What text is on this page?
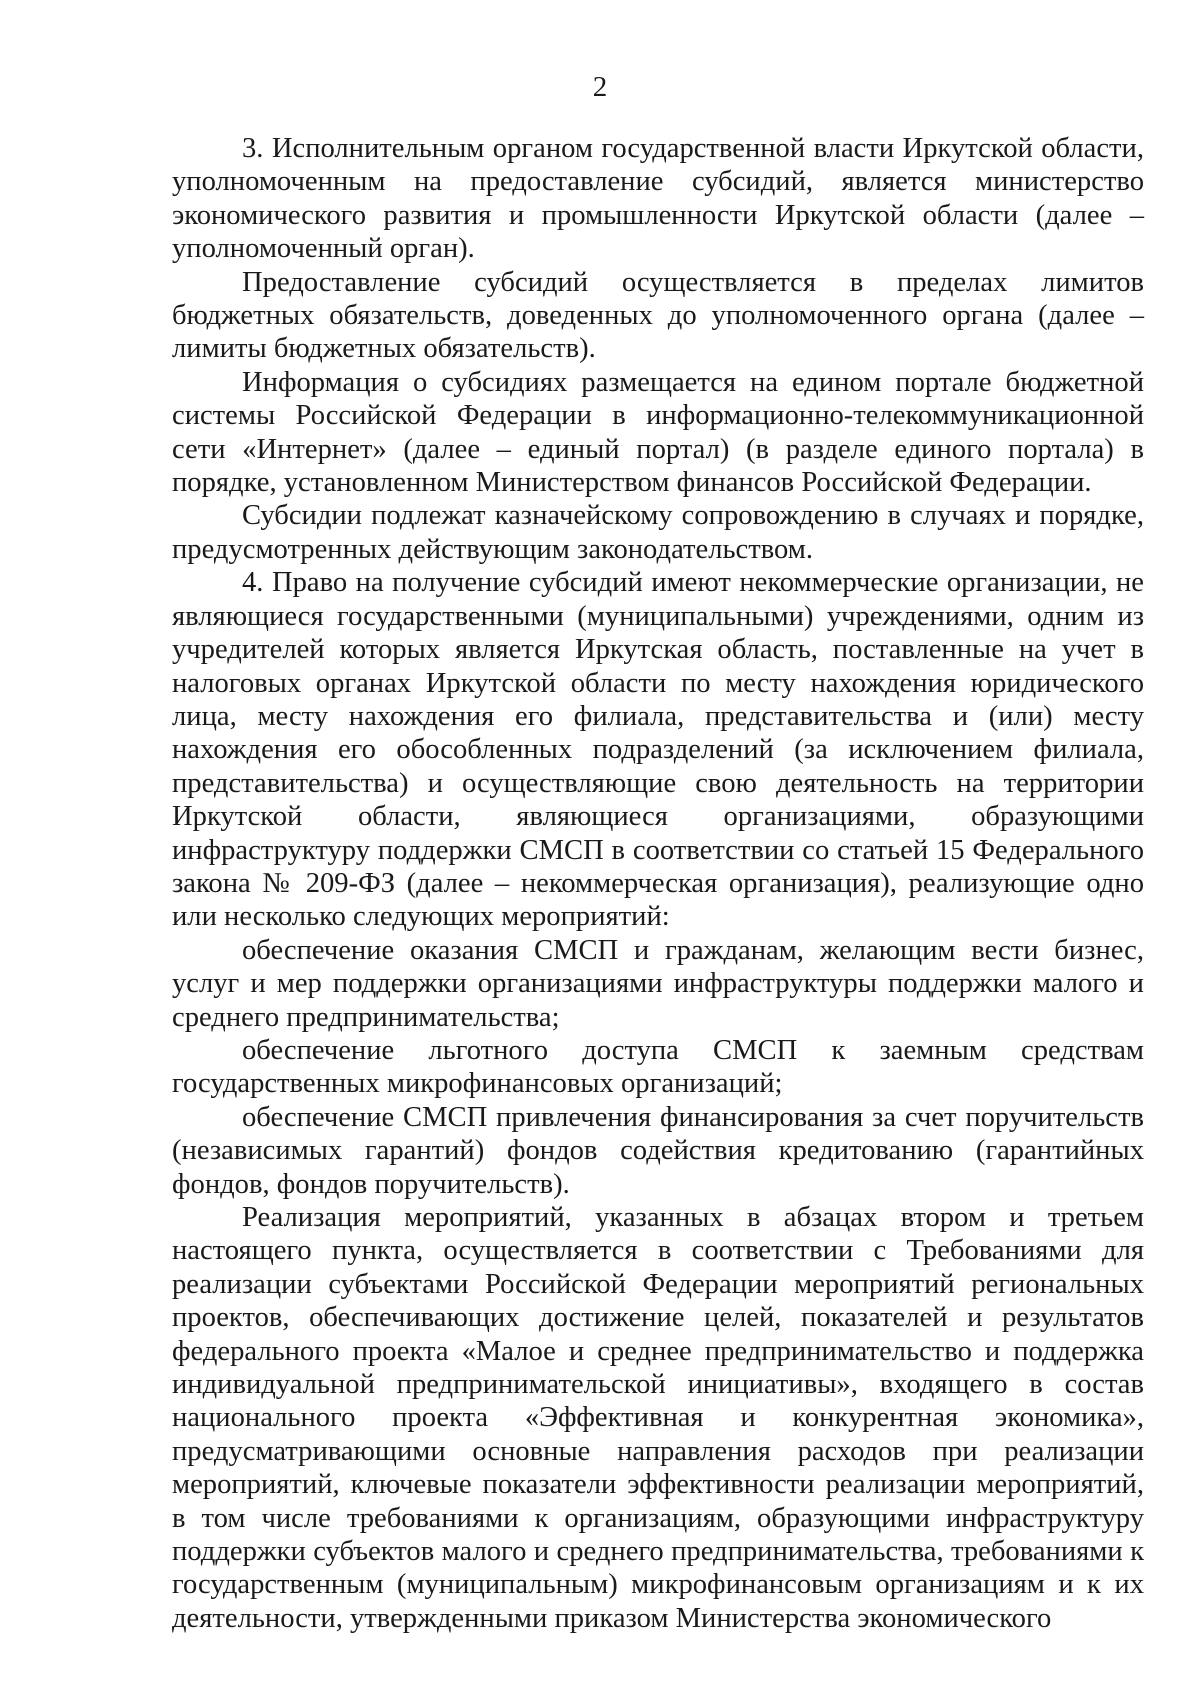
2

3. Исполнительным органом государственной власти Иркутской области, уполномоченным на предоставление субсидий, является министерство экономического развития и промышленности Иркутской области (далее – уполномоченный орган).

Предоставление субсидий осуществляется в пределах лимитов бюджетных обязательств, доведенных до уполномоченного органа (далее – лимиты бюджетных обязательств).

Информация о субсидиях размещается на едином портале бюджетной системы Российской Федерации в информационно-телекоммуникационной сети «Интернет» (далее – единый портал) (в разделе единого портала) в порядке, установленном Министерством финансов Российской Федерации.

Субсидии подлежат казначейскому сопровождению в случаях и порядке, предусмотренных действующим законодательством.

4. Право на получение субсидий имеют некоммерческие организации, не являющиеся государственными (муниципальными) учреждениями, одним из учредителей которых является Иркутская область, поставленные на учет в налоговых органах Иркутской области по месту нахождения юридического лица, месту нахождения его филиала, представительства и (или) месту нахождения его обособленных подразделений (за исключением филиала, представительства) и осуществляющие свою деятельность на территории Иркутской области, являющиеся организациями, образующими инфраструктуру поддержки СМСП в соответствии со статьей 15 Федерального закона № 209-ФЗ (далее – некоммерческая организация), реализующие одно или несколько следующих мероприятий:

обеспечение оказания СМСП и гражданам, желающим вести бизнес, услуг и мер поддержки организациями инфраструктуры поддержки малого и среднего предпринимательства;

обеспечение льготного доступа СМСП к заемным средствам государственных микрофинансовых организаций;

обеспечение СМСП привлечения финансирования за счет поручительств (независимых гарантий) фондов содействия кредитованию (гарантийных фондов, фондов поручительств).

Реализация мероприятий, указанных в абзацах втором и третьем настоящего пункта, осуществляется в соответствии с Требованиями для реализации субъектами Российской Федерации мероприятий региональных проектов, обеспечивающих достижение целей, показателей и результатов федерального проекта «Малое и среднее предпринимательство и поддержка индивидуальной предпринимательской инициативы», входящего в состав национального проекта «Эффективная и конкурентная экономика», предусматривающими основные направления расходов при реализации мероприятий, ключевые показатели эффективности реализации мероприятий, в том числе требованиями к организациям, образующими инфраструктуру поддержки субъектов малого и среднего предпринимательства, требованиями к государственным (муниципальным) микрофинансовым организациям и к их деятельности, утвержденными приказом Министерства экономического
